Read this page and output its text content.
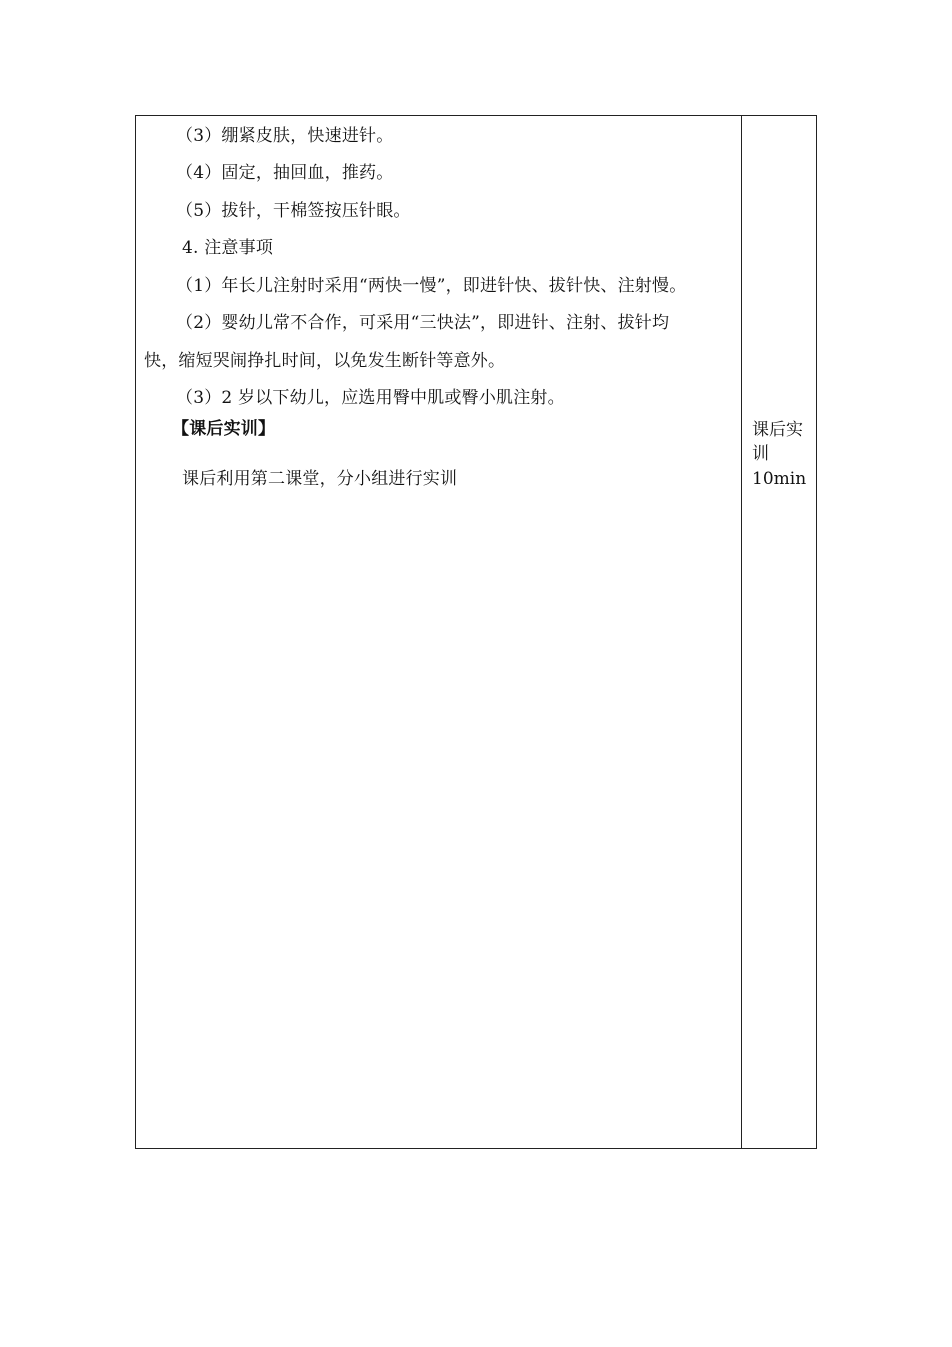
（3）绷紧皮肤，快速进针。
（4）固定，抽回血，推药。
（5）拔针，干棉签按压针眼。
4. 注意事项
（1）年长儿注射时采用“两快一慢”，即进针快、拔针快、注射慢。
（2）婴幼儿常不合作，可采用“三快法”，即进针、注射、拔针均
快，缩短哭闹挣扎时间，以免发生断针等意外。
（3）2 岁以下幼儿，应选用臀中肌或臀小肌注射。
【课后实训】
课后利用第二课堂，分小组进行实训
课后实
训
10min
